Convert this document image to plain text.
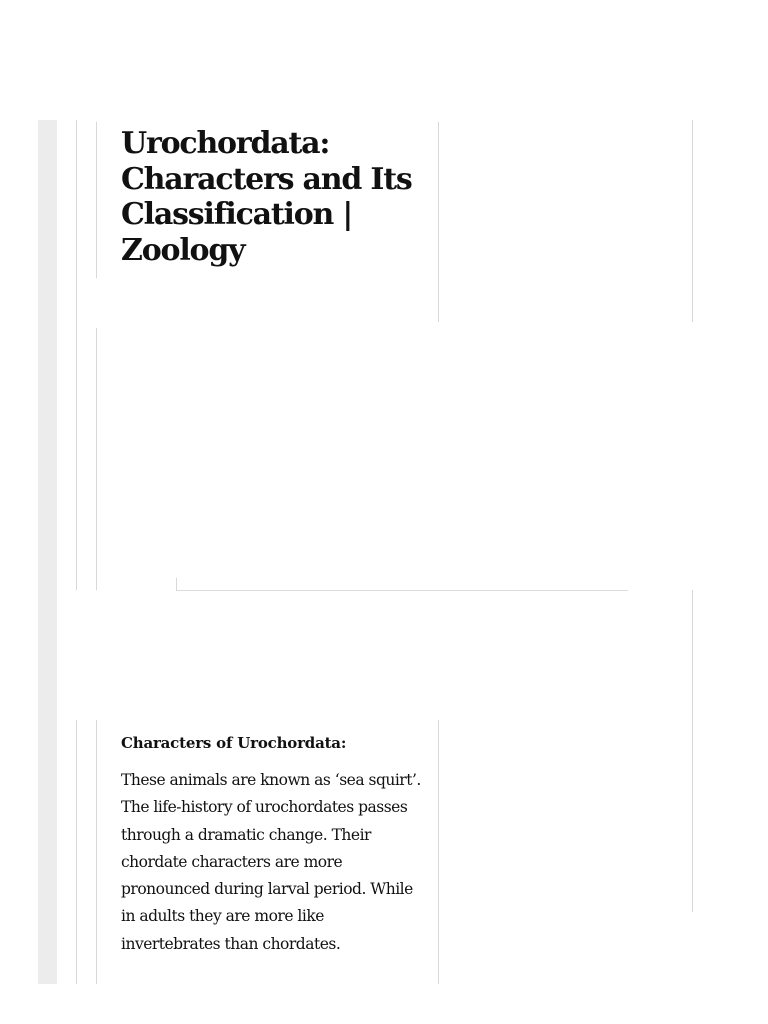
Urochordata: Characters and Its Classification | Zoology
Characters of Urochordata:

These animals are known as ‘sea squirt’. The life-history of urochordates passes through a dramatic change. Their chordate characters are more pronounced during larval period. While in adults they are more like invertebrates than chordates.
